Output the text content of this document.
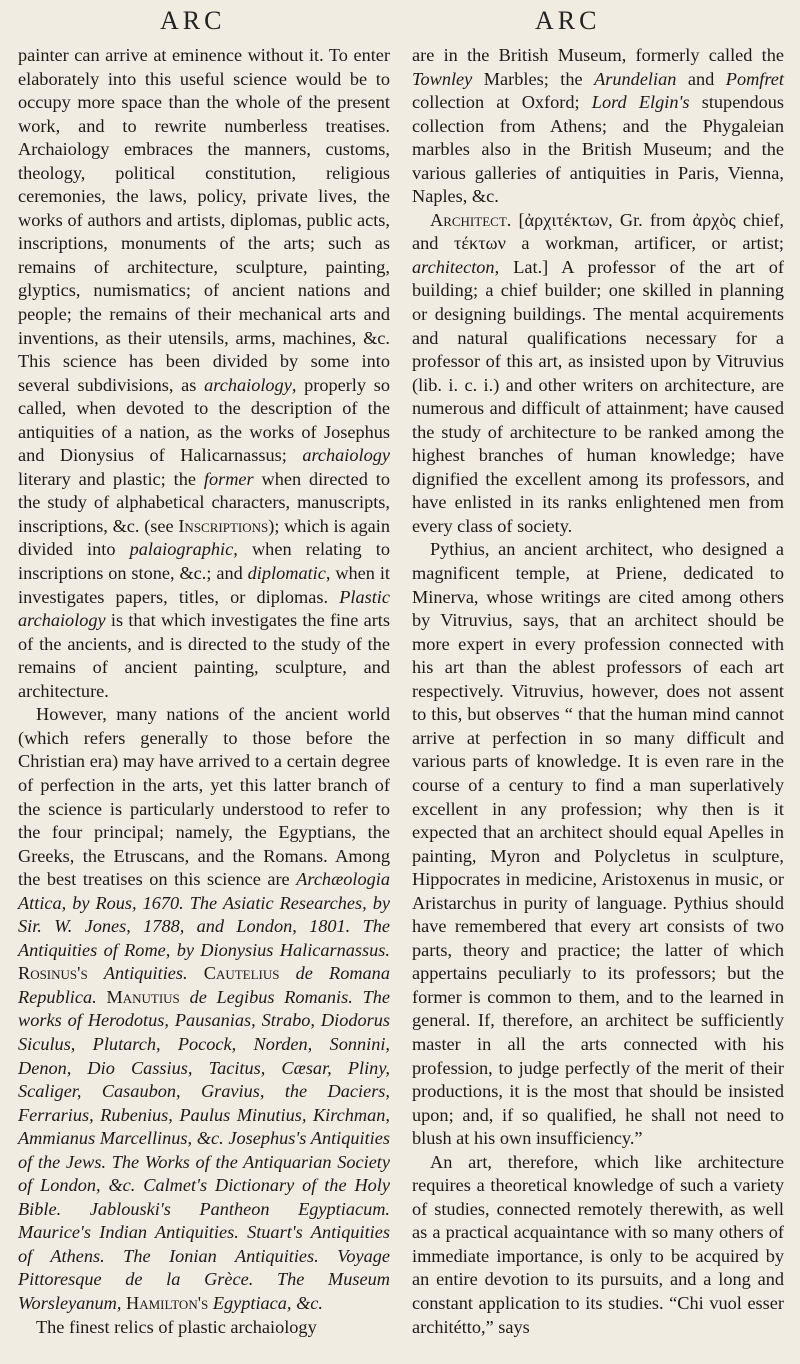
ARC	ARC

painter can arrive at eminence without it. To enter elaborately into this useful science would be to occupy more space than the whole of the present work, and to rewrite numberless treatises. Archaiology embraces the manners, customs, theology, political constitution, religious ceremonies, the laws, policy, private lives, the works of authors and artists, diplomas, public acts, inscriptions, monuments of the arts; such as remains of architecture, sculpture, painting, glyptics, numismatics; of ancient nations and people; the remains of their mechanical arts and inventions, as their utensils, arms, machines, &c. This science has been divided by some into several subdivisions, as archaiology, properly so called, when devoted to the description of the antiquities of a nation, as the works of Josephus and Dionysius of Halicarnassus; archaiology literary and plastic; the former when directed to the study of alphabetical characters, manuscripts, inscriptions, &c. (see Inscriptions); which is again divided into palaiographic, when relating to inscriptions on stone, &c.; and diplomatic, when it investigates papers, titles, or diplomas. Plastic archaiology is that which investigates the fine arts of the ancients, and is directed to the study of the remains of ancient painting, sculpture, and architecture.

However, many nations of the ancient world (which refers generally to those before the Christian era) may have arrived to a certain degree of perfection in the arts, yet this latter branch of the science is particularly understood to refer to the four principal; namely, the Egyptians, the Greeks, the Etruscans, and the Romans. Among the best treatises on this science are Archæologia Attica, by Rous, 1670. The Asiatic Researches, by Sir. W. Jones, 1788, and London, 1801. The Antiquities of Rome, by Dionysius Halicarnassus. Rosinus's Antiquities. Cautelius de Romana Republica. Manutius de Legibus Romanis. The works of Herodotus, Pausanias, Strabo, Diodorus Siculus, Plutarch, Pocock, Norden, Sonnini, Denon, Dio Cassius, Tacitus, Cæsar, Pliny, Scaliger, Casaubon, Gravius, the Daciers, Ferrarius, Rubenius, Paulus Minutius, Kirchman, Ammianus Marcellinus, &c. Josephus's Antiquities of the Jews. The Works of the Antiquarian Society of London, &c. Calmet's Dictionary of the Holy Bible. Jablouski's Pantheon Egyptiacum. Maurice's Indian Antiquities. Stuart's Antiquities of Athens. The Ionian Antiquities. Voyage Pittoresque de la Grèce. The Museum Worsleyanum, Hamilton's Egyptiaca, &c.

The finest relics of plastic archaiology

are in the British Museum, formerly called the Townley Marbles; the Arundelian and Pomfret collection at Oxford; Lord Elgin's stupendous collection from Athens; and the Phygaleian marbles also in the British Museum; and the various galleries of antiquities in Paris, Vienna, Naples, &c.

Architect. [ἀρχιτέκτων, Gr. from ἀρχὸς chief, and τέκτων a workman, artificer, or artist; architecton, Lat.] A professor of the art of building; a chief builder; one skilled in planning or designing buildings. The mental acquirements and natural qualifications necessary for a professor of this art, as insisted upon by Vitruvius (lib. i. c. i.) and other writers on architecture, are numerous and difficult of attainment; have caused the study of architecture to be ranked among the highest branches of human knowledge; have dignified the excellent among its professors, and have enlisted in its ranks enlightened men from every class of society.

Pythius, an ancient architect, who designed a magnificent temple, at Priene, dedicated to Minerva, whose writings are cited among others by Vitruvius, says, that an architect should be more expert in every profession connected with his art than the ablest professors of each art respectively. Vitruvius, however, does not assent to this, but observes “ that the human mind cannot arrive at perfection in so many difficult and various parts of knowledge. It is even rare in the course of a century to find a man superlatively excellent in any profession; why then is it expected that an architect should equal Apelles in painting, Myron and Polycletus in sculpture, Hippocrates in medicine, Aristoxenus in music, or Aristarchus in purity of language. Pythius should have remembered that every art consists of two parts, theory and practice; the latter of which appertains peculiarly to its professors; but the former is common to them, and to the learned in general. If, therefore, an architect be sufficiently master in all the arts connected with his profession, to judge perfectly of the merit of their productions, it is the most that should be insisted upon; and, if so qualified, he shall not need to blush at his own insufficiency.”

An art, therefore, which like architecture requires a theoretical knowledge of such a variety of studies, connected remotely therewith, as well as a practical acquaintance with so many others of immediate importance, is only to be acquired by an entire devotion to its pursuits, and a long and constant application to its studies. “Chi vuol esser architétto,” says
